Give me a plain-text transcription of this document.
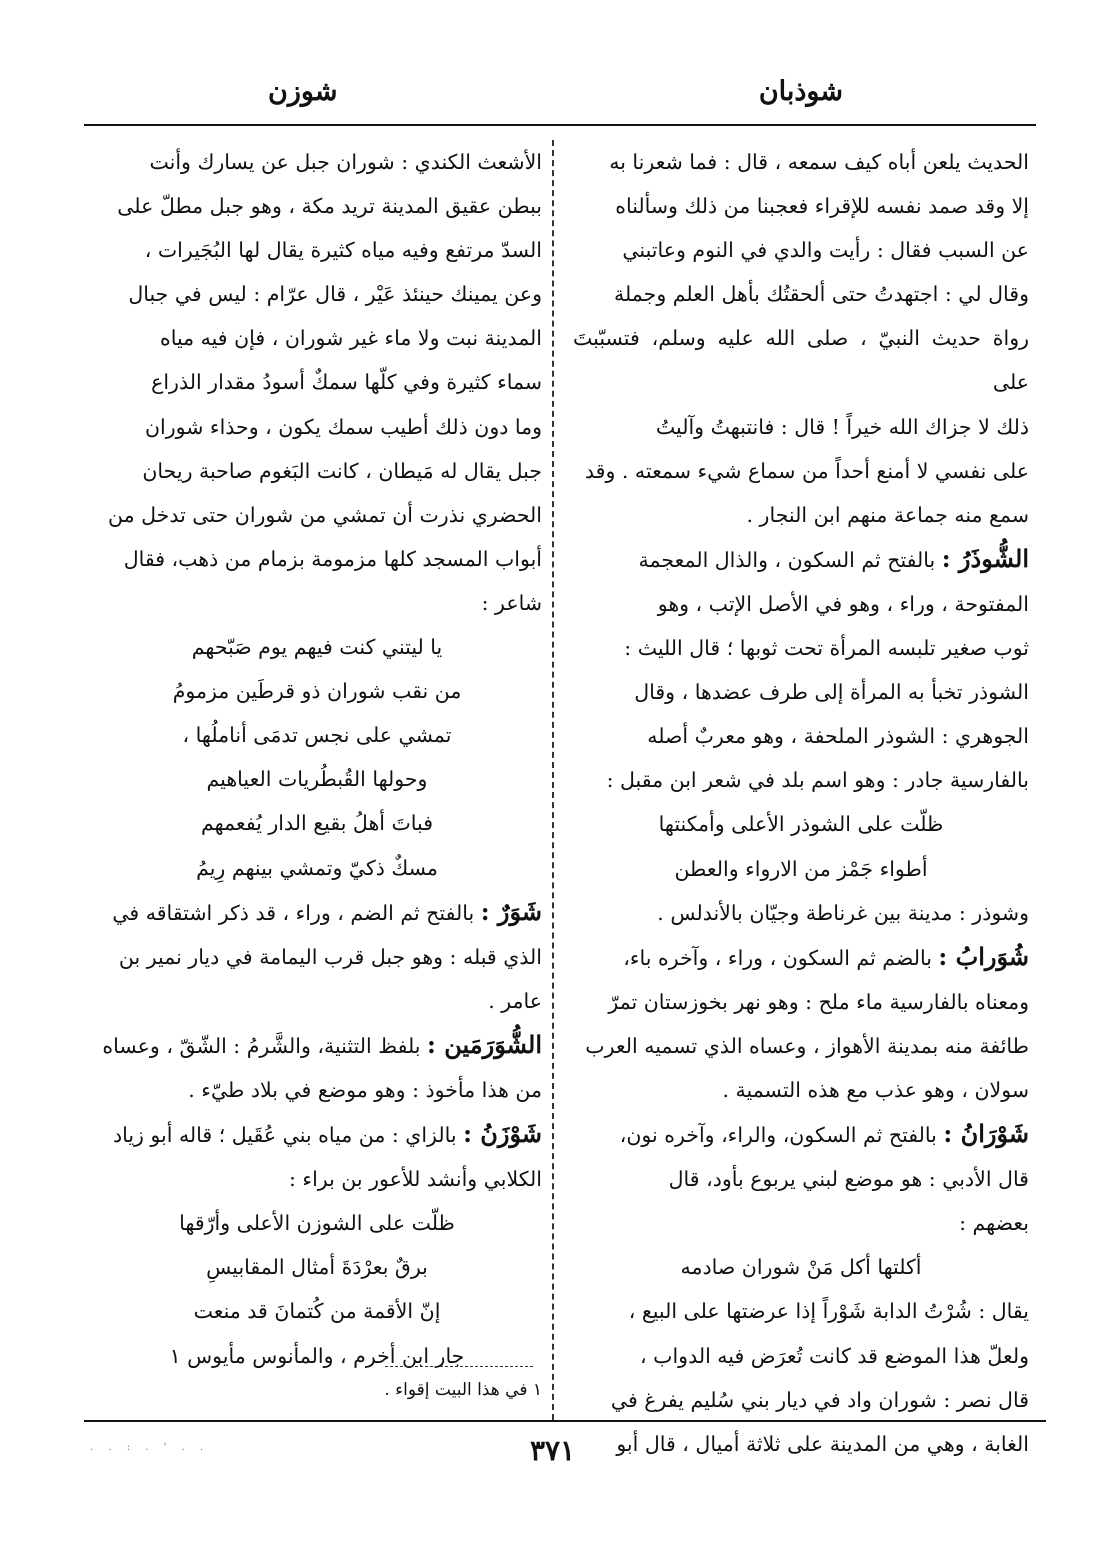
شوذبان
شوزن

الحديث يلعن أباه كيف سمعه ، قال : فما شعرنا به

إلا وقد صمد نفسه للإقراء فعجبنا من ذلك وسألناه

عن السبب فقال : رأيت والدي في النوم وعاتبني

وقال لي : اجتهدتُ حتى ألحقتُك بأهل العلم وجملة

رواة حديث النبيّ ، صلى الله عليه وسلم، فتسبّبتَ على

ذلك لا جزاك الله خيراً ! قال : فانتبهتُ وآليتُ

على نفسي لا أمنع أحداً من سماع شيء سمعته . وقد

سمع منه جماعة منهم ابن النجار .

الشُّوذَرُ : بالفتح ثم السكون ، والذال المعجمة

المفتوحة ، وراء ، وهو في الأصل الإتب ، وهو

ثوب صغير تلبسه المرأة تحت ثوبها ؛ قال الليث :

الشوذر تخبأ به المرأة إلى طرف عضدها ، وقال

الجوهري : الشوذر الملحفة ، وهو معربٌ أصله

بالفارسية جادر : وهو اسم بلد في شعر ابن مقبل :

ظلّت على الشوذر الأعلى وأمكنتها

أطواء جَمْز من الارواء والعطن

وشوذر : مدينة بين غرناطة وجيّان بالأندلس .

شُوَرابُ : بالضم ثم السكون ، وراء ، وآخره باء،

ومعناه بالفارسية ماء ملح : وهو نهر بخوزستان تمرّ

طائفة منه بمدينة الأهواز ، وعساه الذي تسميه العرب

سولان ، وهو عذب مع هذه التسمية .

شَوْرَانُ : بالفتح ثم السكون، والراء، وآخره نون،

قال الأدبي : هو موضع لبني يربوع بأود، قال

بعضهم :

أكلتها أكل مَنْ شوران صادمه

يقال : شُرْتُ الدابة شَوْراً إذا عرضتها على البيع ،

ولعلّ هذا الموضع قد كانت تُعرَض فيه الدواب ،

قال نصر : شوران واد في ديار بني سُليم يفرغ في

الغابة ، وهي من المدينة على ثلاثة أميال ، قال أبو

الأشعث الكندي : شوران جبل عن يسارك وأنت

ببطن عقيق المدينة تريد مكة ، وهو جبل مطلّ على

السدّ مرتفع وفيه مياه كثيرة يقال لها البُجَيرات ،

وعن يمينك حينئذ عَيْر ، قال عرّام : ليس في جبال

المدينة نبت ولا ماء غير شوران ، فإن فيه مياه

سماء كثيرة وفي كلّها سمكٌ أسودُ مقدار الذراع

وما دون ذلك أطيب سمك يكون ، وحذاء شوران

جبل يقال له مَيطان ، كانت البَغوم صاحبة ريحان

الحضري نذرت أن تمشي من شوران حتى تدخل من

أبواب المسجد كلها مزمومة بزمام من ذهب، فقال

شاعر :

يا ليتني كنت فيهم يوم صَبّحهم

من نقب شوران ذو قرطَين مزمومُ

تمشي على نجس تدمَى أناملُها ،

وحولها القُبطُريات العياهيم

فباتَ أهلُ بقيع الدار يُفعمهم

مسكٌ ذكيّ وتمشي بينهم رِيمُ

شَوَرٌ : بالفتح ثم الضم ، وراء ، قد ذكر اشتقاقه في

الذي قبله : وهو جبل قرب اليمامة في ديار نمير بن

عامر .

الشُّوَرَمَين : بلفظ التثنية، والشَّرمُ : الشّقّ ، وعساه

من هذا مأخوذ : وهو موضع في بلاد طيّء .

شَوْزَنُ : بالزاي : من مياه بني عُقَيل ؛ قاله أبو زياد

الكلابي وأنشد للأعور بن براء :

ظلّت على الشوزن الأعلى وأرّقها

برقٌ بعرْدَةَ أمثال المقابيسِ

إنّ الأقمة من كُتمانَ قد منعت

جار ابن أخرم ، والمأنوس مأيوس ١

١ في هذا البيت إقواء .
٣٧١
. . : . ' . .
